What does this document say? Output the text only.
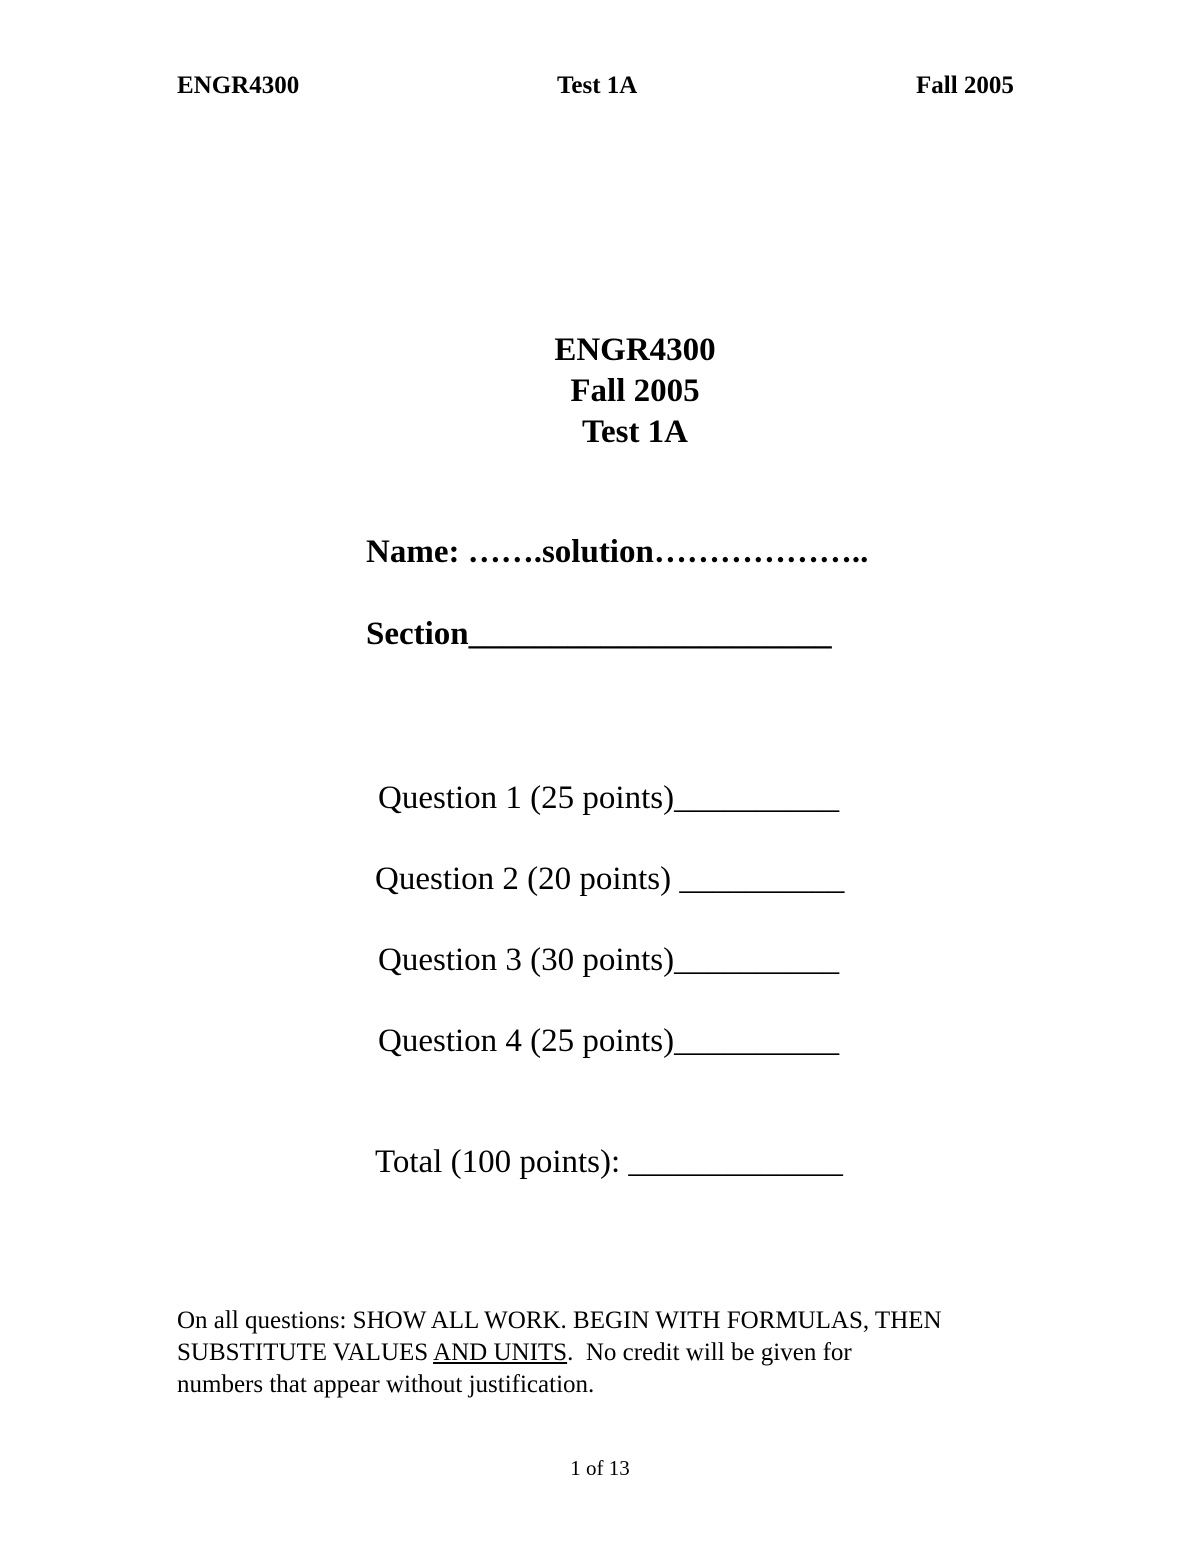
ENGR4300	Test 1A	Fall 2005
ENGR4300
Fall 2005
Test 1A
Name: …….solution………………..
Section______________________
Question 1 (25 points)__________
Question 2 (20 points) __________
Question 3 (30 points)__________
Question 4 (25 points)__________
Total (100 points): _____________
On all questions: SHOW ALL WORK. BEGIN WITH FORMULAS, THEN
SUBSTITUTE VALUES AND UNITS.  No credit will be given for
numbers that appear without justification.
1 of 13
